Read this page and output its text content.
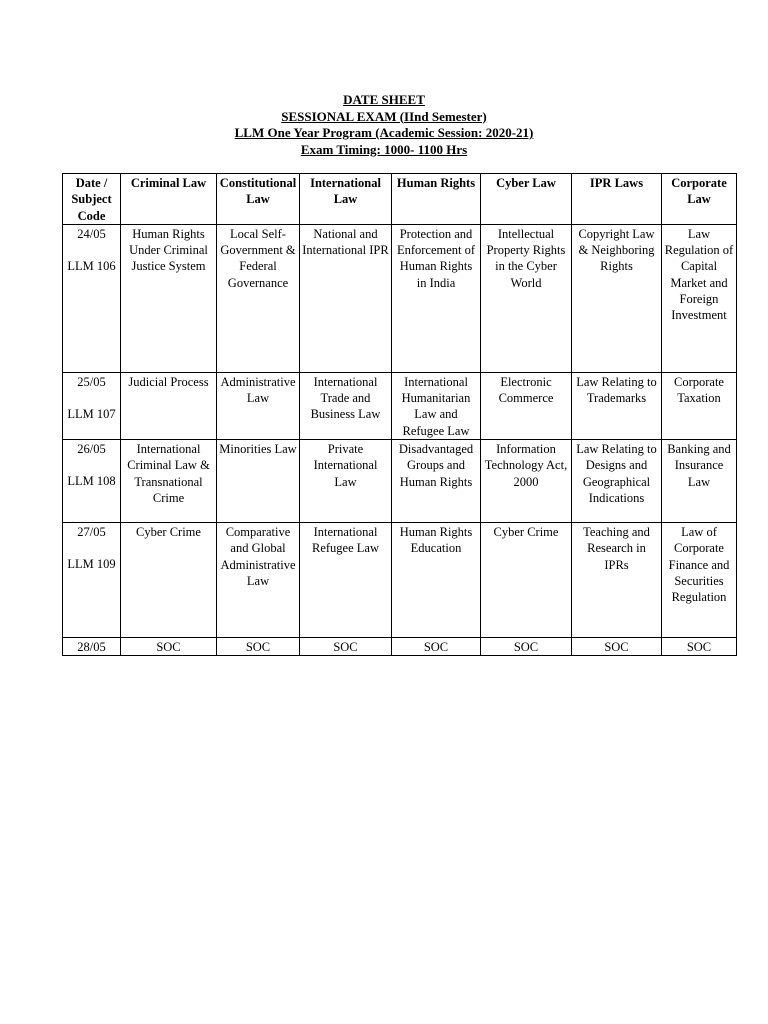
DATE SHEET
SESSIONAL EXAM (IInd Semester)
LLM One Year Program (Academic Session: 2020-21)
Exam Timing: 1000- 1100 Hrs
Date / Subject Code	Criminal Law	Constitutional Law	International Law	Human Rights	Cyber Law	IPR Laws	Corporate Law

24/05
LLM 106	Human Rights Under Criminal Justice System	Local Self-Government & Federal Governance	National and International IPR	Protection and Enforcement of Human Rights in India	Intellectual Property Rights in the Cyber World	Copyright Law & Neighboring Rights	Law Regulation of Capital Market and Foreign Investment

25/05
LLM 107	Judicial Process	Administrative Law	International Trade and Business Law	International Humanitarian Law and Refugee Law	Electronic Commerce	Law Relating to Trademarks	Corporate Taxation

26/05
LLM 108	International Criminal Law & Transnational Crime	Minorities Law	Private International Law	Disadvantaged Groups and Human Rights	Information Technology Act, 2000	Law Relating to Designs and Geographical Indications	Banking and Insurance Law

27/05
LLM 109	Cyber Crime	Comparative and Global Administrative Law	International Refugee Law	Human Rights Education	Cyber Crime	Teaching and Research in IPRs	Law of Corporate Finance and Securities Regulation

28/05	SOC	SOC	SOC	SOC	SOC	SOC	SOC
